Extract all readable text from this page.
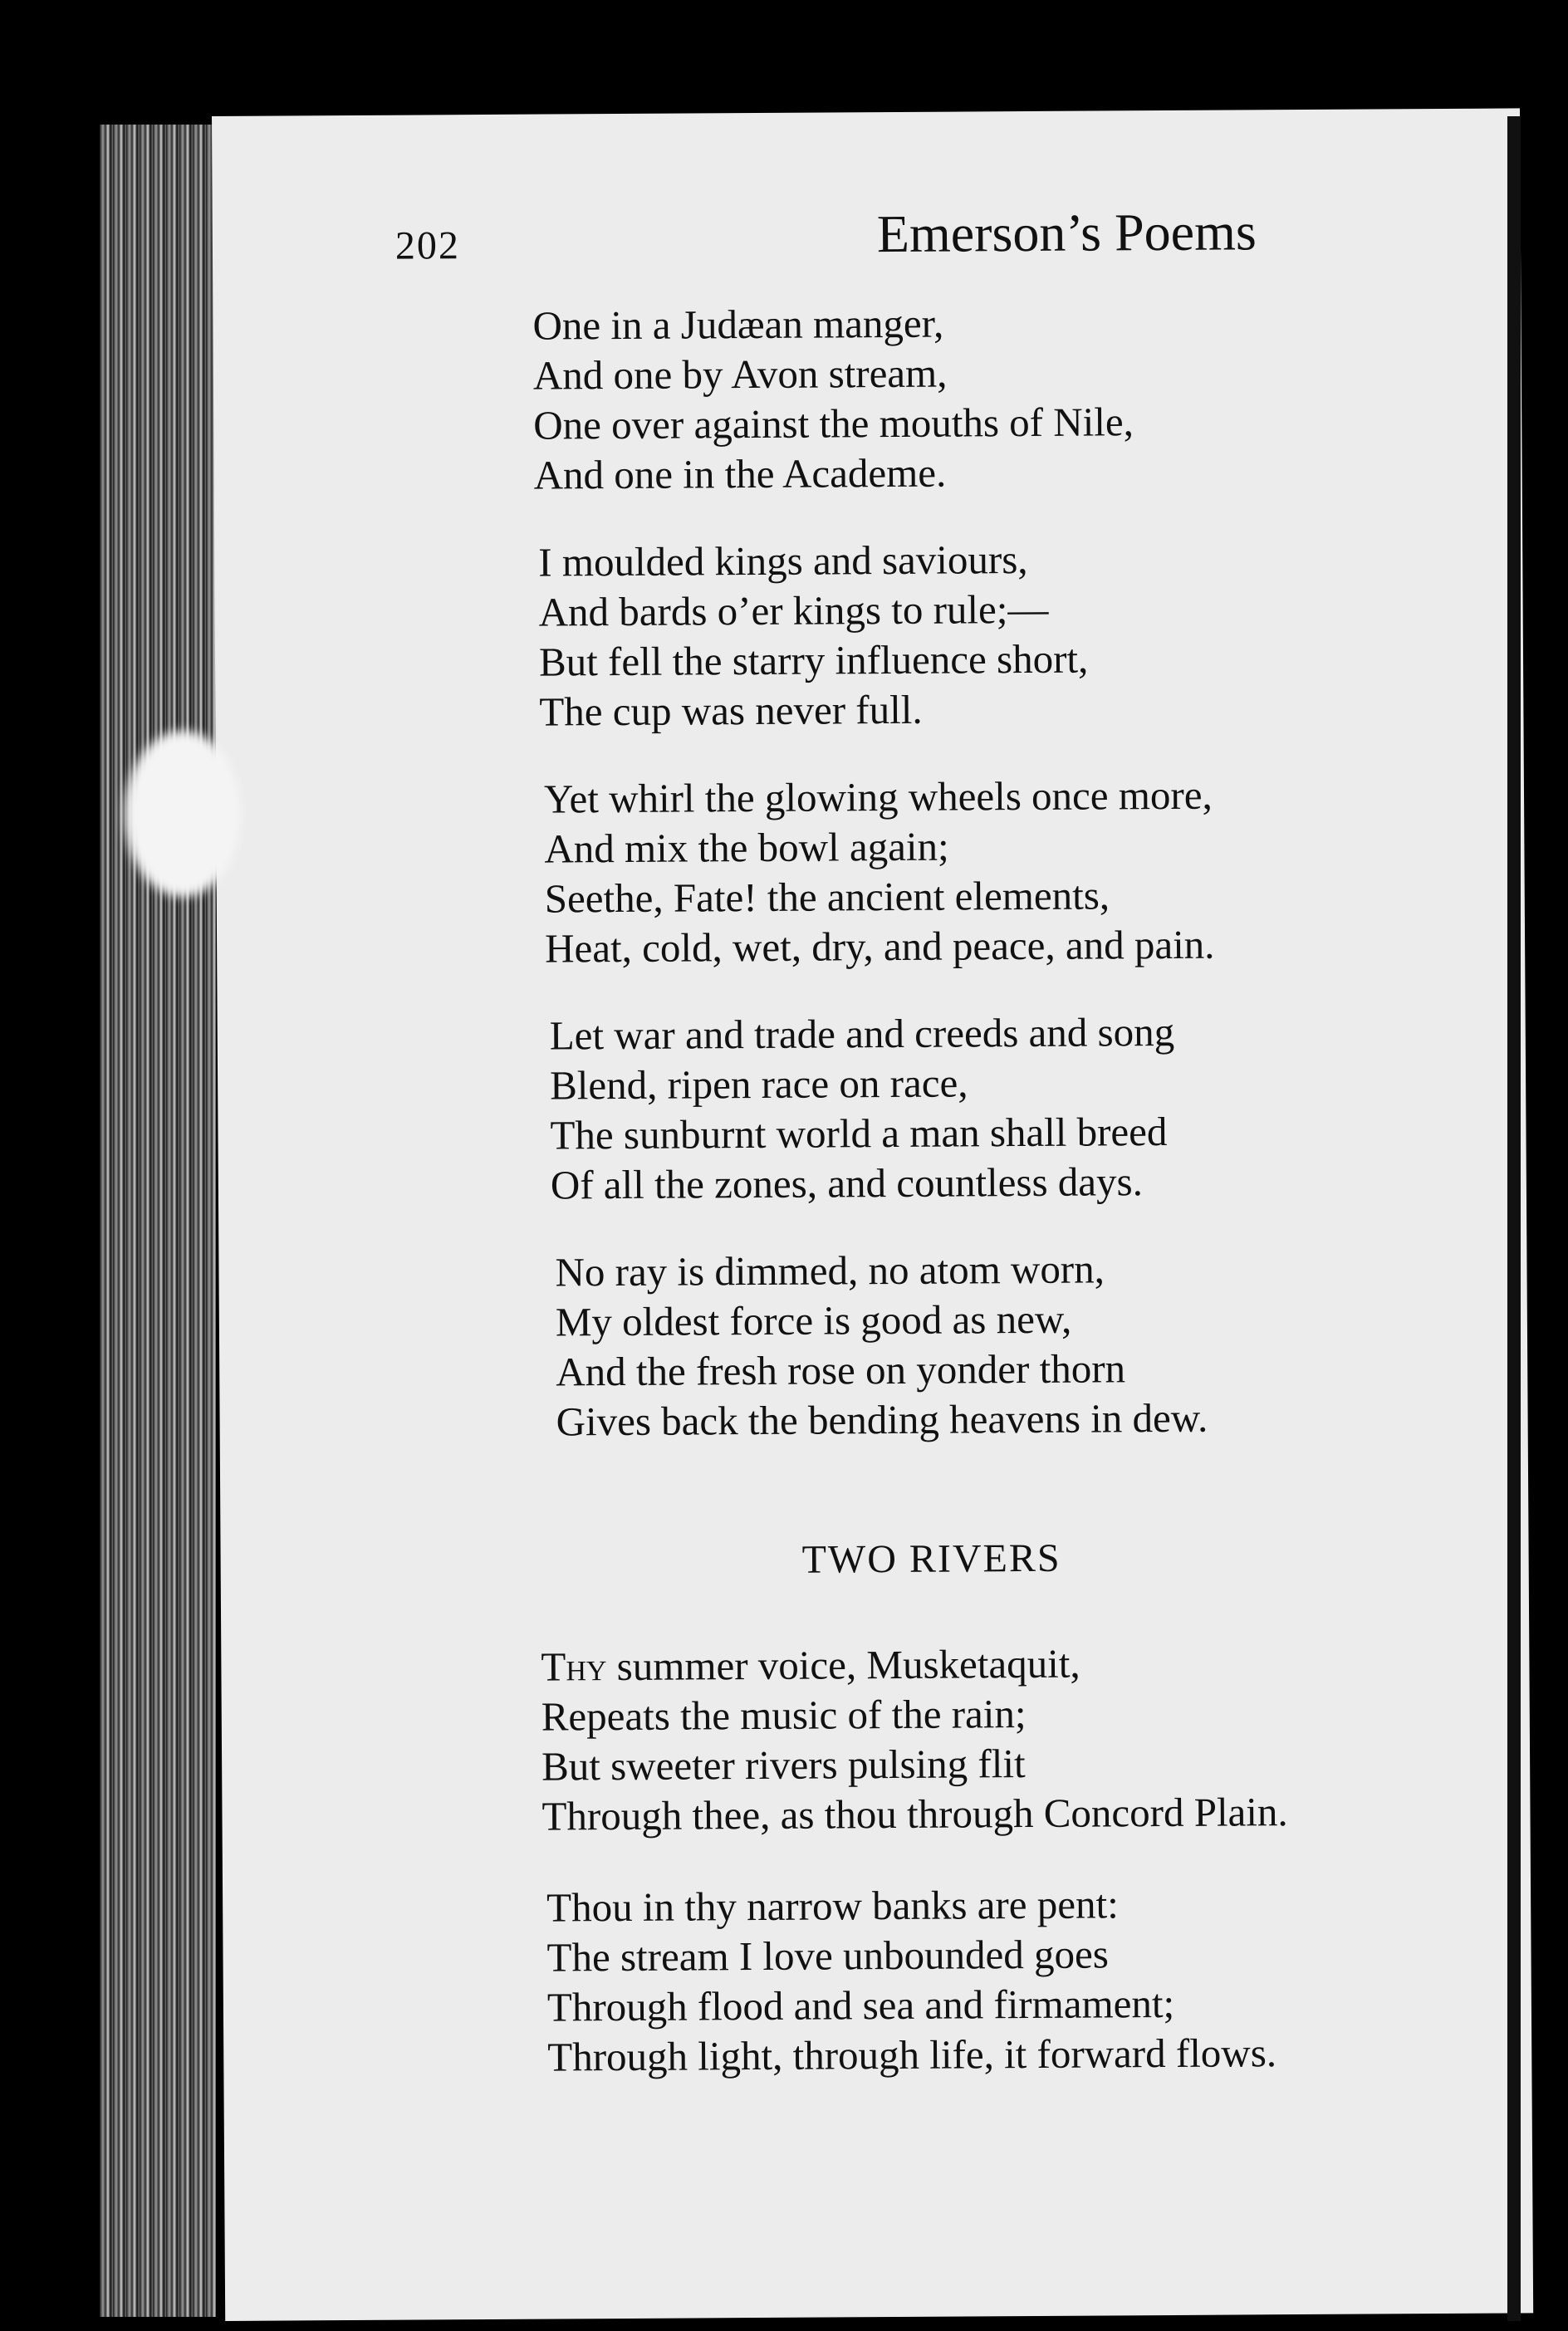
202	Emerson’s Poems
One in a Judæan manger,
And one by Avon stream,
One over against the mouths of Nile,
And one in the Academe.
I moulded kings and saviours,
And bards o’er kings to rule;—
But fell the starry influence short,
The cup was never full.
Yet whirl the glowing wheels once more,
And mix the bowl again;
Seethe, Fate! the ancient elements,
Heat, cold, wet, dry, and peace, and pain.
Let war and trade and creeds and song
Blend, ripen race on race,
The sunburnt world a man shall breed
Of all the zones, and countless days.
No ray is dimmed, no atom worn,
My oldest force is good as new,
And the fresh rose on yonder thorn
Gives back the bending heavens in dew.
TWO RIVERS
Thy summer voice, Musketaquit,
Repeats the music of the rain;
But sweeter rivers pulsing flit
Through thee, as thou through Concord Plain.
Thou in thy narrow banks are pent:
The stream I love unbounded goes
Through flood and sea and firmament;
Through light, through life, it forward flows.
